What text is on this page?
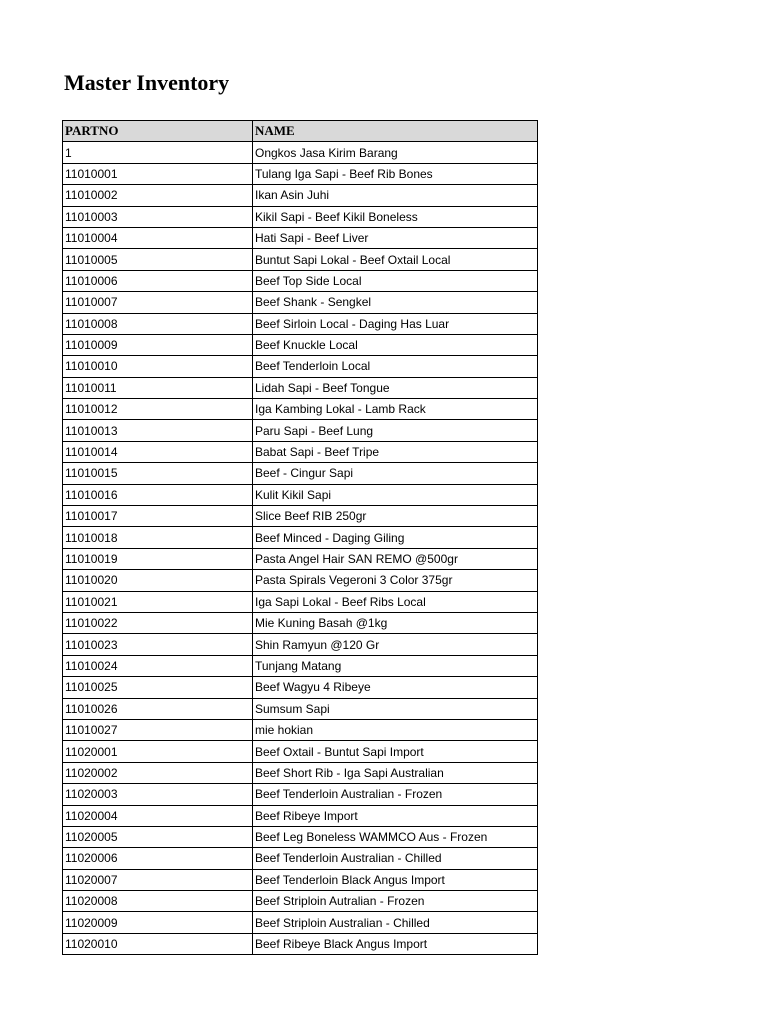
Master Inventory
PARTNO	NAME
1	Ongkos Jasa Kirim Barang
11010001	Tulang Iga Sapi - Beef Rib Bones
11010002	Ikan Asin Juhi
11010003	Kikil Sapi - Beef Kikil Boneless
11010004	Hati Sapi - Beef Liver
11010005	Buntut Sapi Lokal - Beef Oxtail Local
11010006	Beef Top Side Local
11010007	Beef Shank - Sengkel
11010008	Beef Sirloin Local - Daging Has Luar
11010009	Beef Knuckle Local
11010010	Beef Tenderloin Local
11010011	Lidah Sapi - Beef Tongue
11010012	Iga Kambing Lokal - Lamb Rack
11010013	Paru Sapi - Beef Lung
11010014	Babat Sapi - Beef Tripe
11010015	Beef - Cingur Sapi
11010016	Kulit Kikil Sapi
11010017	Slice Beef RIB 250gr
11010018	Beef Minced - Daging Giling
11010019	Pasta Angel Hair SAN REMO @500gr
11010020	Pasta Spirals Vegeroni 3 Color 375gr
11010021	Iga Sapi Lokal - Beef Ribs Local
11010022	Mie Kuning Basah @1kg
11010023	Shin Ramyun @120 Gr
11010024	Tunjang Matang
11010025	Beef Wagyu 4 Ribeye
11010026	Sumsum Sapi
11010027	mie hokian
11020001	Beef Oxtail - Buntut Sapi Import
11020002	Beef Short Rib - Iga Sapi Australian
11020003	Beef Tenderloin Australian - Frozen
11020004	Beef Ribeye Import
11020005	Beef Leg Boneless WAMMCO Aus - Frozen
11020006	Beef Tenderloin Australian - Chilled
11020007	Beef Tenderloin Black Angus Import
11020008	Beef Striploin Autralian - Frozen
11020009	Beef Striploin Australian - Chilled
11020010	Beef Ribeye Black Angus Import
